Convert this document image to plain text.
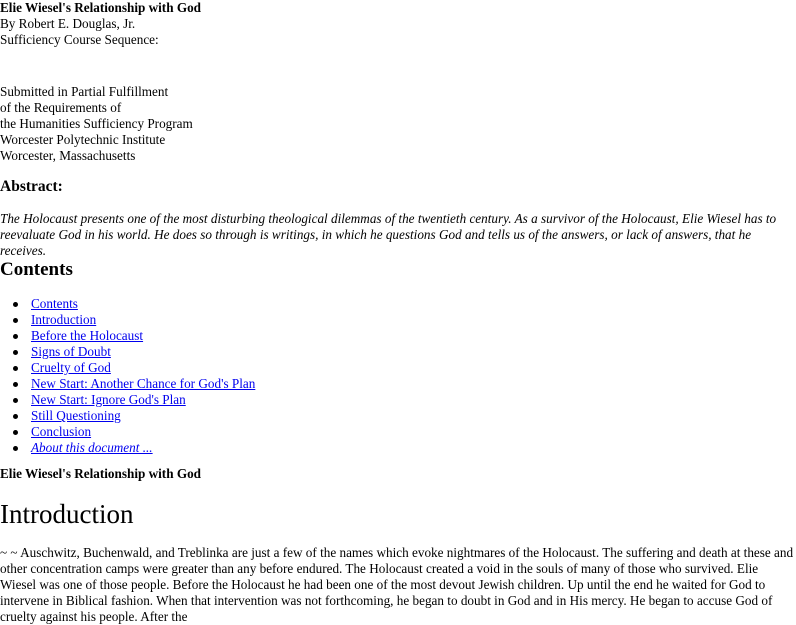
Elie Wiesel's Relationship with God
By Robert E. Douglas, Jr.
Sufficiency Course Sequence:
Submitted in Partial Fulfillment
of the Requirements of
the Humanities Sufficiency Program
Worcester Polytechnic Institute
Worcester, Massachusetts
Abstract:

The Holocaust presents one of the most disturbing theological dilemmas of the twentieth century. As a survivor of the Holocaust, Elie Wiesel has to reevaluate God in his world. He does so through is writings, in which he questions God and tells us of the answers, or lack of answers, that he receives.

Contents
Contents
Introduction
Before the Holocaust
Signs of Doubt
Cruelty of God
New Start: Another Chance for God's Plan
New Start: Ignore God's Plan
Still Questioning
Conclusion
About this document ...
Elie Wiesel's Relationship with God
Introduction

~ ~ Auschwitz, Buchenwald, and Treblinka are just a few of the names which evoke nightmares of the Holocaust. The suffering and death at these and other concentration camps were greater than any before endured. The Holocaust created a void in the souls of many of those who survived. Elie Wiesel was one of those people. Before the Holocaust he had been one of the most devout Jewish children. Up until the end he waited for God to intervene in Biblical fashion. When that intervention was not forthcoming, he began to doubt in God and in His mercy. He began to accuse God of cruelty against his people. After the
